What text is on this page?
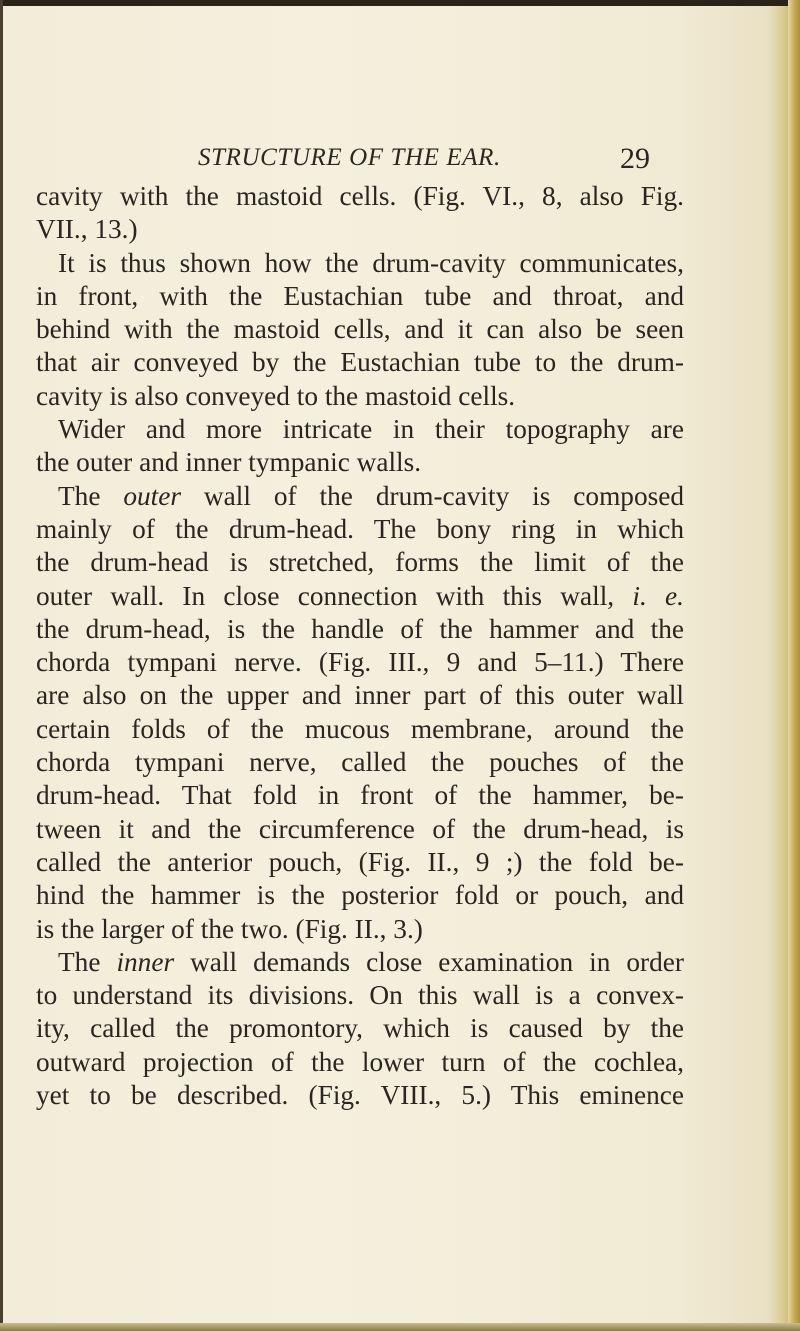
STRUCTURE OF THE EAR.	29
cavity with the mastoid cells. (Fig. VI., 8, also Fig.
VII., 13.)
It is thus shown how the drum-cavity communicates,
in front, with the Eustachian tube and throat, and
behind with the mastoid cells, and it can also be seen
that air conveyed by the Eustachian tube to the drum-
cavity is also conveyed to the mastoid cells.
Wider and more intricate in their topography are
the outer and inner tympanic walls.
The outer wall of the drum-cavity is composed
mainly of the drum-head. The bony ring in which
the drum-head is stretched, forms the limit of the
outer wall. In close connection with this wall, i. e.
the drum-head, is the handle of the hammer and the
chorda tympani nerve. (Fig. III., 9 and 5–11.) There
are also on the upper and inner part of this outer wall
certain folds of the mucous membrane, around the
chorda tympani nerve, called the pouches of the
drum-head. That fold in front of the hammer, be-
tween it and the circumference of the drum-head, is
called the anterior pouch, (Fig. II., 9 ;) the fold be-
hind the hammer is the posterior fold or pouch, and
is the larger of the two. (Fig. II., 3.)
The inner wall demands close examination in order
to understand its divisions. On this wall is a convex-
ity, called the promontory, which is caused by the
outward projection of the lower turn of the cochlea,
yet to be described. (Fig. VIII., 5.) This eminence
